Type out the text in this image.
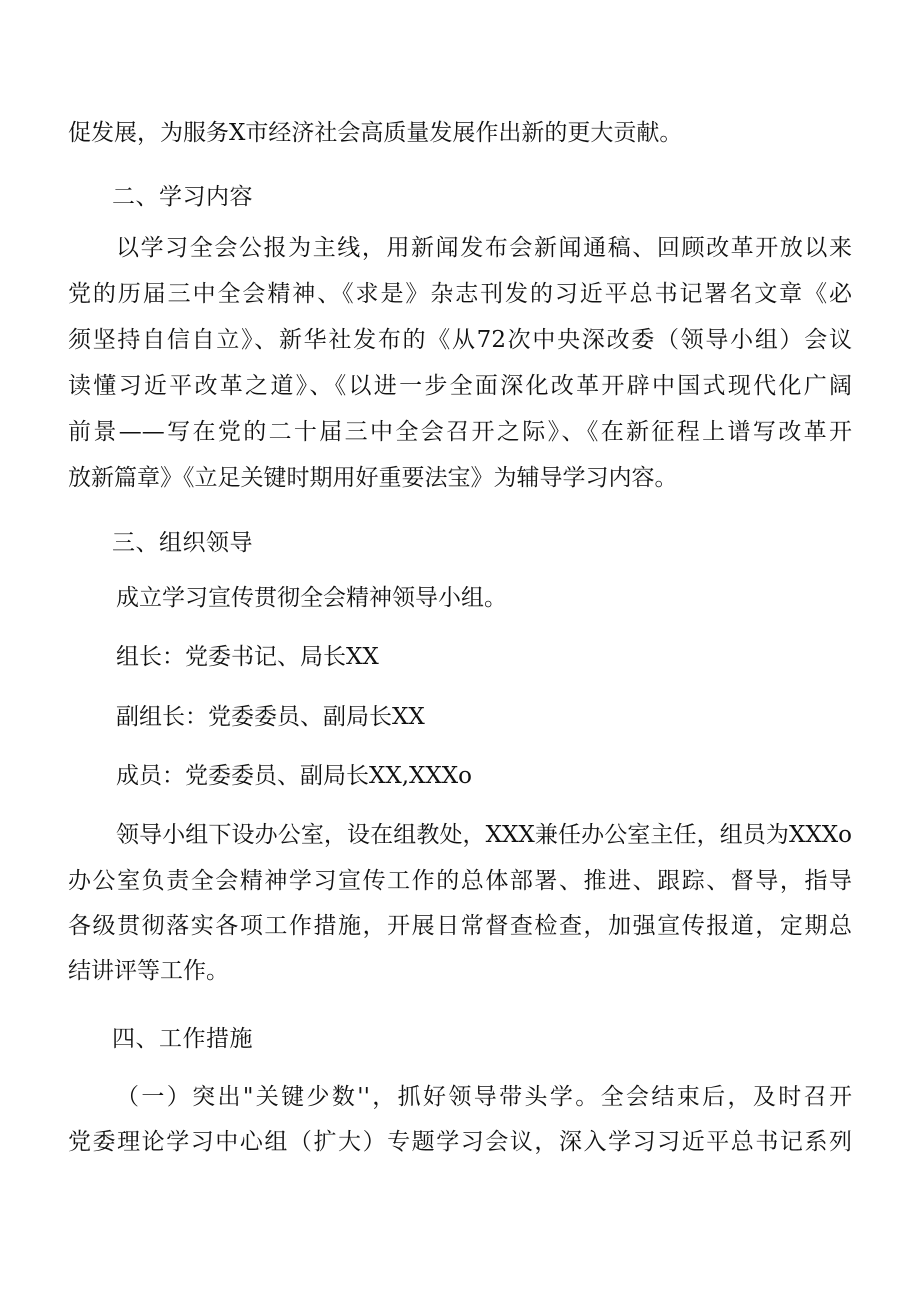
促发展，为服务X市经济社会高质量发展作出新的更大贡献。
二、学习内容
以学习全会公报为主线，用新闻发布会新闻通稿、回顾改革开放以来
党的历届三中全会精神、《求是》杂志刊发的习近平总书记署名文章《必
须坚持自信自立》、新华社发布的《从72次中央深改委（领导小组）会议
读懂习近平改革之道》、《以进一步全面深化改革开辟中国式现代化广阔
前景——写在党的二十届三中全会召开之际》、《在新征程上谱写改革开
放新篇章》《立足关键时期用好重要法宝》为辅导学习内容。
三、组织领导
成立学习宣传贯彻全会精神领导小组。
组长：党委书记、局长XX
副组长：党委委员、副局长XX
成员：党委委员、副局长XX,XXXo
领导小组下设办公室，设在组教处，XXX兼任办公室主任，组员为XXXo
办公室负责全会精神学习宣传工作的总体部署、推进、跟踪、督导，指导
各级贯彻落实各项工作措施，开展日常督查检查，加强宣传报道，定期总
结讲评等工作。
四、工作措施
（一）突出"关键少数''，抓好领导带头学。全会结束后，及时召开
党委理论学习中心组（扩大）专题学习会议，深入学习习近平总书记系列
